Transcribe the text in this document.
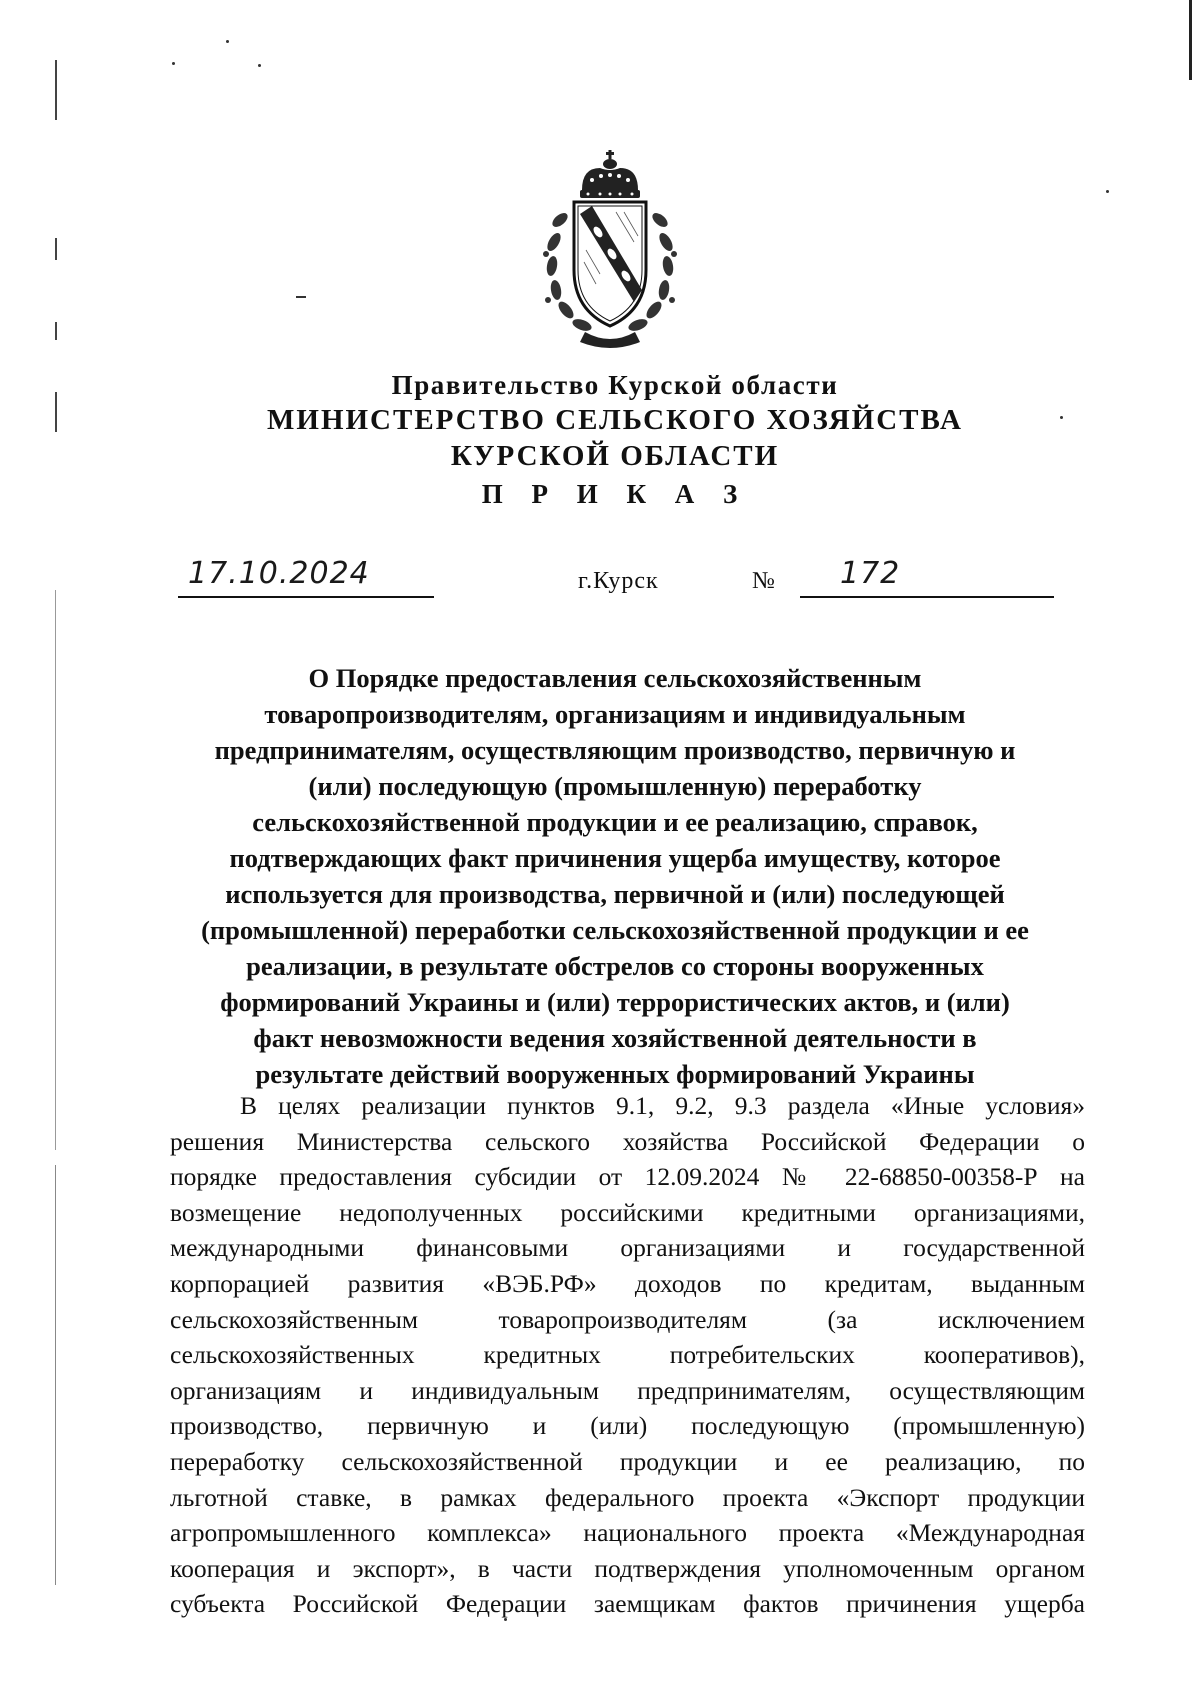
Правительство Курской области
МИНИСТЕРСТВО СЕЛЬСКОГО ХОЗЯЙСТВА
КУРСКОЙ ОБЛАСТИ
П Р И К А З
17.10.2024	г.Курск	№ 172
О Порядке предоставления сельскохозяйственным
товаропроизводителям, организациям и индивидуальным
предпринимателям, осуществляющим производство, первичную и
(или) последующую (промышленную) переработку
сельскохозяйственной продукции и ее реализацию, справок,
подтверждающих факт причинения ущерба имуществу, которое
используется для производства, первичной и (или) последующей
(промышленной) переработки сельскохозяйственной продукции и ее
реализации, в результате обстрелов со стороны вооруженных
формирований Украины и (или) террористических актов, и (или)
факт невозможности ведения хозяйственной деятельности в
результате действий вооруженных формирований Украины
В целях реализации пунктов 9.1, 9.2, 9.3 раздела «Иные условия»
решения Министерства сельского хозяйства Российской Федерации о
порядке предоставления субсидии от 12.09.2024 № 22-68850-00358-Р на
возмещение недополученных российскими кредитными организациями,
международными финансовыми организациями и государственной
корпорацией развития «ВЭБ.РФ» доходов по кредитам, выданным
сельскохозяйственным товаропроизводителям (за исключением
сельскохозяйственных кредитных потребительских кооперативов),
организациям и индивидуальным предпринимателям, осуществляющим
производство, первичную и (или) последующую (промышленную)
переработку сельскохозяйственной продукции и ее реализацию, по
льготной ставке, в рамках федерального проекта «Экспорт продукции
агропромышленного комплекса» национального проекта «Международная
кооперация и экспорт», в части подтверждения уполномоченным органом
субъекта Российской Федерации заемщикам фактов причинения ущерба
